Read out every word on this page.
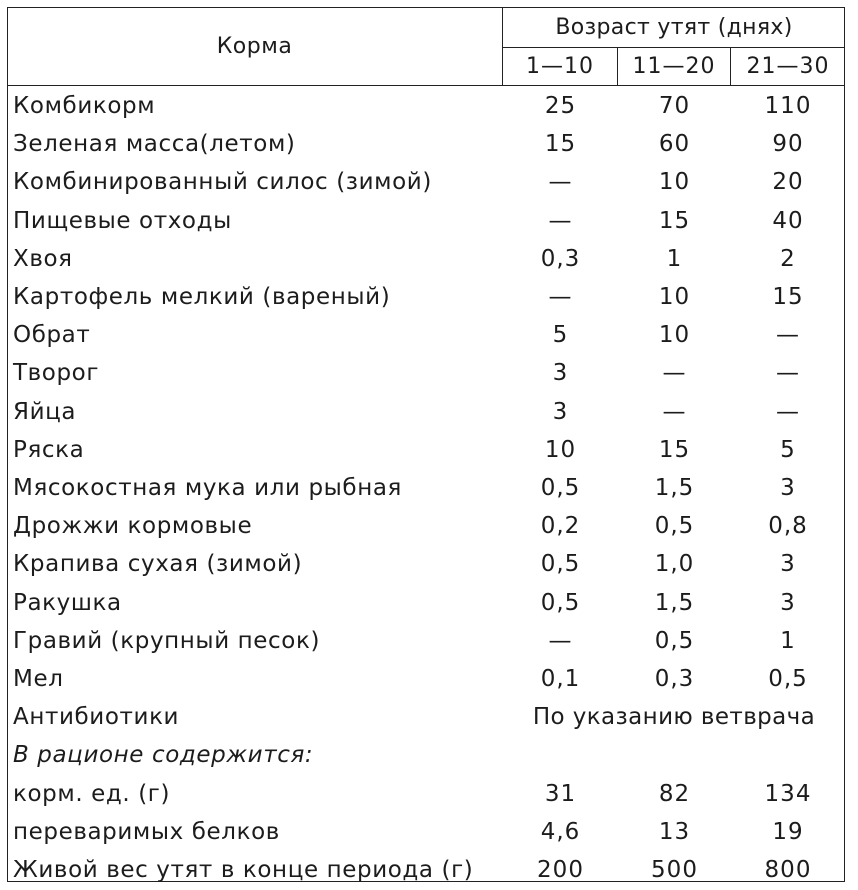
Корма
Возраст утят (днях)
1—10	11—20	21—30
Комбикорм	25	70	110
Зеленая масса(летом)	15	60	90
Комбинированный силос (зимой)	—	10	20
Пищевые отходы	—	15	40
Хвоя	0,3	1	2
Картофель мелкий (вареный)	—	10	15
Обрат	5	10	—
Творог	3	—	—
Яйца	3	—	—
Ряска	10	15	5
Мясокостная мука или рыбная	0,5	1,5	3
Дрожжи кормовые	0,2	0,5	0,8
Крапива сухая (зимой)	0,5	1,0	3
Ракушка	0,5	1,5	3
Гравий (крупный песок)	—	0,5	1
Мел	0,1	0,3	0,5
Антибиотики	По указанию ветврача
В рационе содержится:
корм. ед. (г)	31	82	134
переваримых белков	4,6	13	19
Живой вес утят в конце периода (г)	200	500	800
